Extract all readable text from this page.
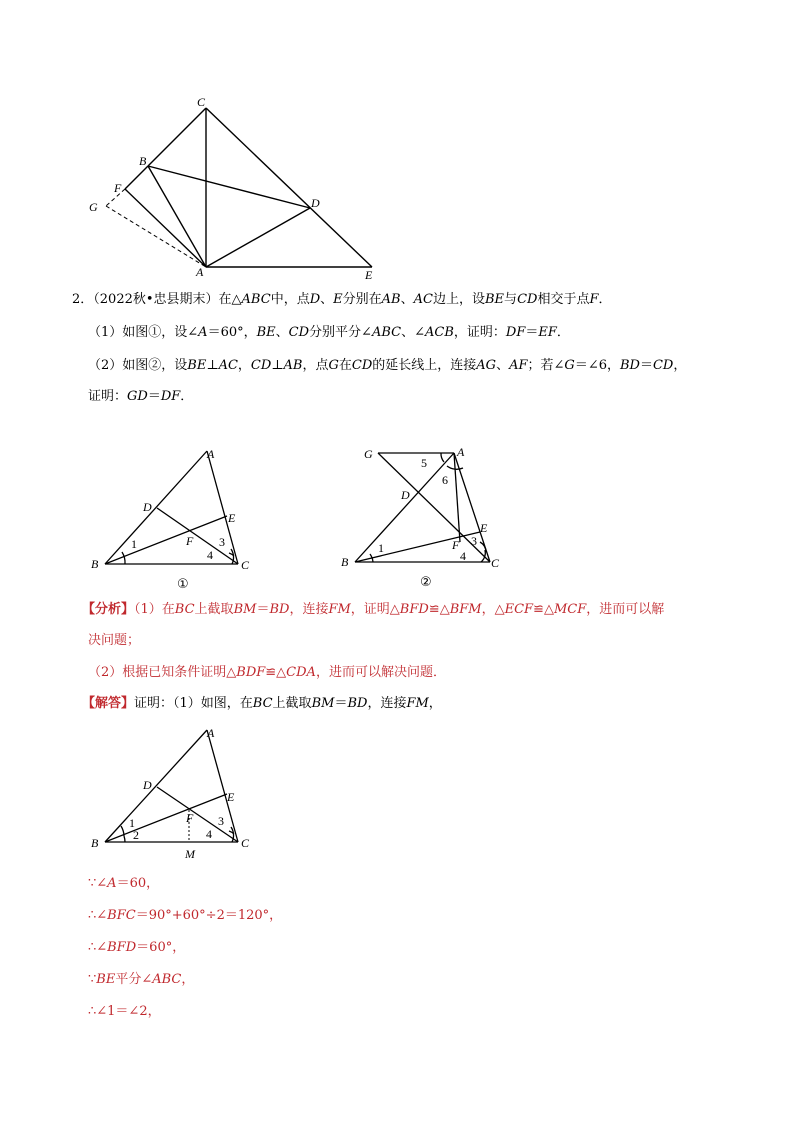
C
B
F
G	D
A	E
2．（2022秋•忠县期末）在△ABC中，点D、E分别在AB、AC边上，设BE与CD相交于点F．
（1）如图①，设∠A＝60°，BE、CD分别平分∠ABC、∠ACB，证明：DF＝EF．
（2）如图②，设BE⊥AC，CD⊥AB，点G在CD的延长线上，连接AG、AF；若∠G＝∠6，BD＝CD，
证明：GD＝DF．
A
D
E
F
B	C
1	3
4
①
G	A
D
E
F
B	C
1	3
4
5
6
②
【分析】（1）在BC上截取BM＝BD，连接FM，证明△BFD≌△BFM，△ECF≌△MCF，进而可以解
决问题；
（2）根据已知条件证明△BDF≌△CDA，进而可以解决问题．
【解答】证明：（1）如图，在BC上截取BM＝BD，连接FM，
A
D
E
F
B	C
M
1
2
3
4
∵∠A＝60，
∴∠BFC＝90°+60°÷2＝120°，
∴∠BFD＝60°，
∵BE平分∠ABC，
∴∠1＝∠2，
